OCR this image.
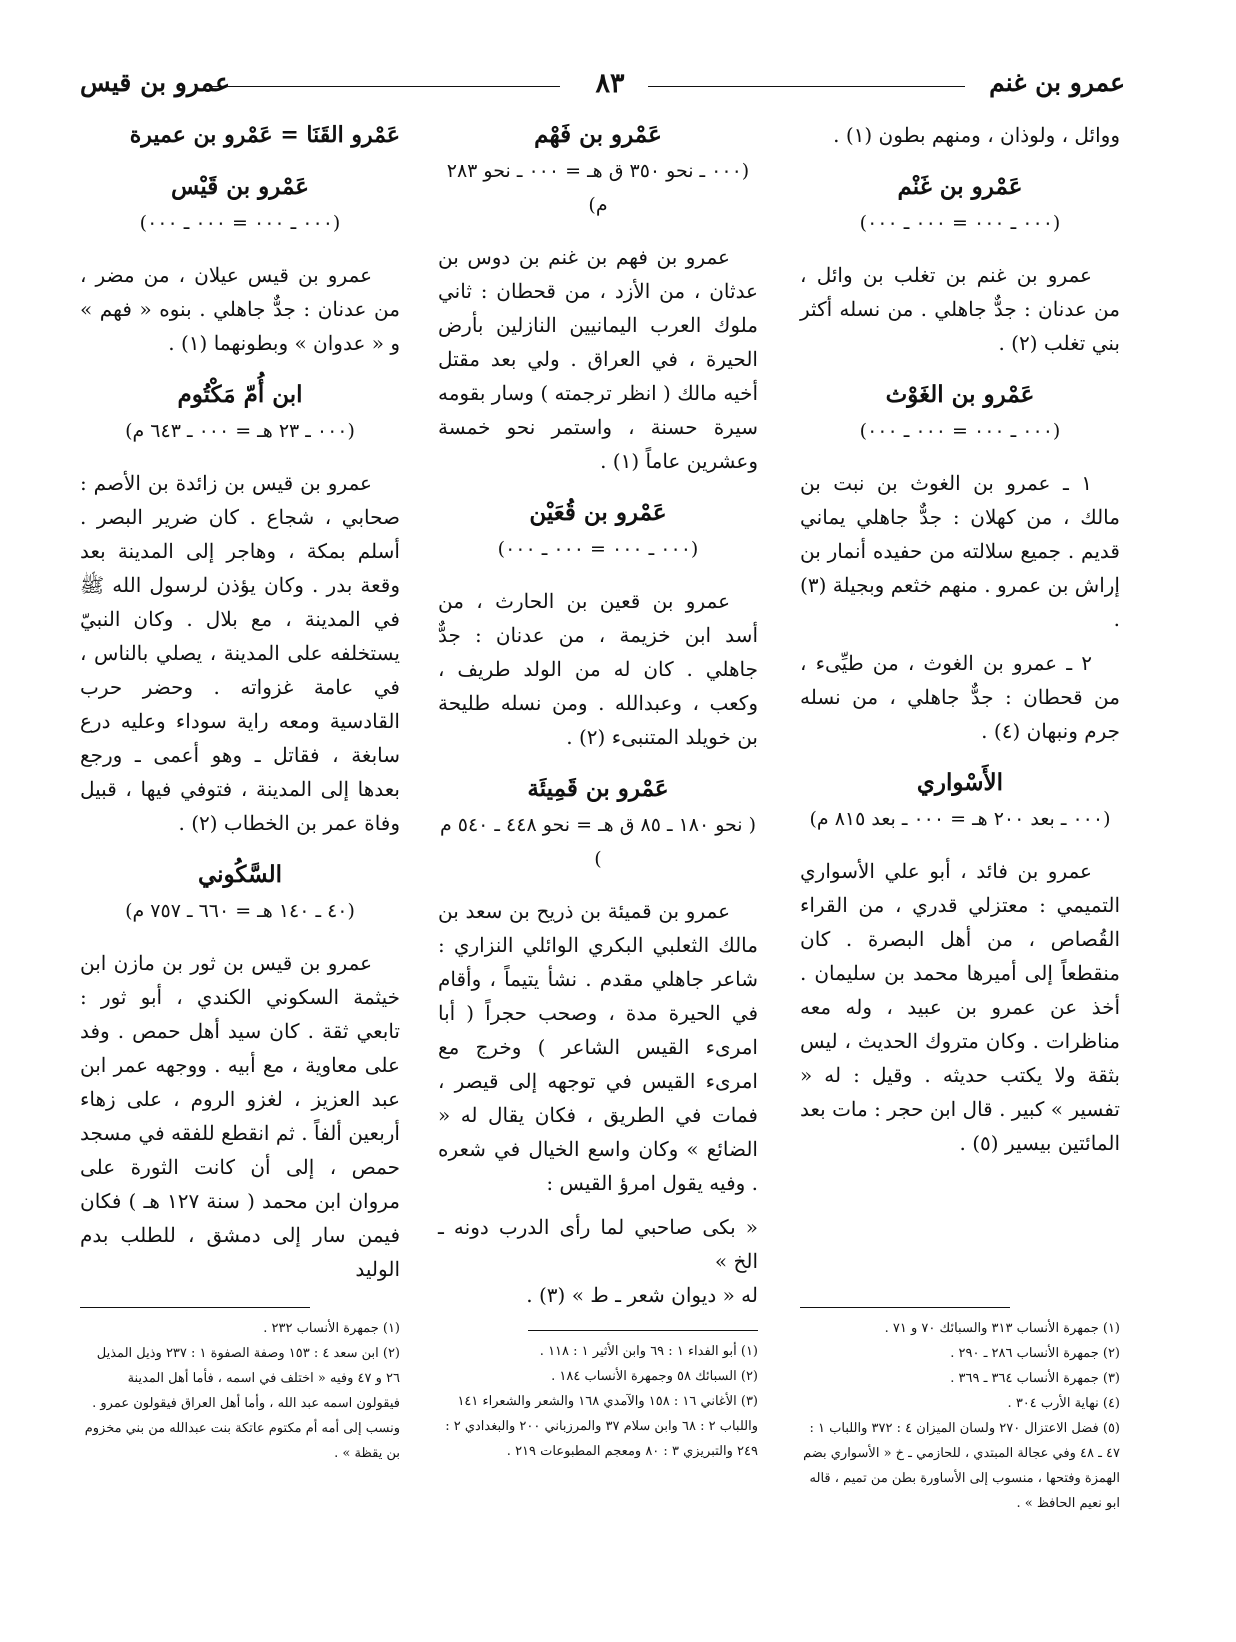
عمرو بن غنم
٨٣
عمرو بن قيس

ووائل ، ولوذان ، ومنهم بطون (١) .

عَمْرو بن غَنْم
(٠٠٠ ـ ٠٠٠ = ٠٠٠ ـ ٠٠٠)

عمرو بن غنم بن تغلب بن وائل ، من عدنان : جدٌّ جاهلي . من نسله أكثر بني تغلب (٢) .

عَمْرو بن الغَوْث
(٠٠٠ ـ ٠٠٠ = ٠٠٠ ـ ٠٠٠)

١ ـ عمرو بن الغوث بن نبت بن مالك ، من كهلان : جدٌّ جاهلي يماني قديم . جميع سلالته من حفيده أنمار بن إراش بن عمرو . منهم خثعم وبجيلة (٣) .

٢ ـ عمرو بن الغوث ، من طيِّىء ، من قحطان : جدٌّ جاهلي ، من نسله جرم ونبهان (٤) .

الأَسْواري
(٠٠٠ ـ بعد ٢٠٠ هـ = ٠٠٠ ـ بعد ٨١٥ م)

عمرو بن فائد ، أبو علي الأسواري التميمي : معتزلي قدري ، من القراء القُصاص ، من أهل البصرة . كان منقطعاً إلى أميرها محمد بن سليمان . أخذ عن عمرو بن عبيد ، وله معه مناظرات . وكان متروك الحديث ، ليس بثقة ولا يكتب حديثه . وقيل : له « تفسير » كبير . قال ابن حجر : مات بعد المائتين بيسير (٥) .

عَمْرو بن فَهْم
(٠٠٠ ـ نحو ٣٥٠ ق هـ = ٠٠٠ ـ نحو ٢٨٣ م)

عمرو بن فهم بن غنم بن دوس بن عدثان ، من الأزد ، من قحطان : ثاني ملوك العرب اليمانيين النازلين بأرض الحيرة ، في العراق . ولي بعد مقتل أخيه مالك ( انظر ترجمته ) وسار بقومه سيرة حسنة ، واستمر نحو خمسة وعشرين عاماً (١) .

عَمْرو بن قُعَيْن
(٠٠٠ ـ ٠٠٠ = ٠٠٠ ـ ٠٠٠)

عمرو بن قعين بن الحارث ، من أسد ابن خزيمة ، من عدنان : جدٌّ جاهلي . كان له من الولد طريف ، وكعب ، وعبدالله . ومن نسله طليحة بن خويلد المتنبىء (٢) .

عَمْرو بن قَمِيئَة
( نحو ١٨٠ ـ ٨٥ ق هـ = نحو ٤٤٨ ـ ٥٤٠ م )

عمرو بن قميئة بن ذريح بن سعد بن مالك الثعلبي البكري الوائلي النزاري : شاعر جاهلي مقدم . نشأ يتيماً ، وأقام في الحيرة مدة ، وصحب حجراً ( أبا امرىء القيس الشاعر ) وخرج مع امرىء القيس في توجهه إلى قيصر ، فمات في الطريق ، فكان يقال له « الضائع » وكان واسع الخيال في شعره . وفيه يقول امرؤ القيس :

« بكى صاحبي لما رأى الدرب دونه ـ الخ »

له « ديوان شعر ـ ط » (٣) .

عَمْرو القَنَا = عَمْرو بن عميرة
عَمْرو بن قَيْس
(٠٠٠ ـ ٠٠٠ = ٠٠٠ ـ ٠٠٠)

عمرو بن قيس عيلان ، من مضر ، من عدنان : جدٌّ جاهلي . بنوه « فهم » و « عدوان » وبطونهما (١) .

ابن أُمّ مَكْتُوم
(٠٠٠ ـ ٢٣ هـ = ٠٠٠ ـ ٦٤٣ م)

عمرو بن قيس بن زائدة بن الأصم : صحابي ، شجاع . كان ضرير البصر . أسلم بمكة ، وهاجر إلى المدينة بعد وقعة بدر . وكان يؤذن لرسول الله ﷺ في المدينة ، مع بلال . وكان النبيّ يستخلفه على المدينة ، يصلي بالناس ، في عامة غزواته . وحضر حرب القادسية ومعه راية سوداء وعليه درع سابغة ، فقاتل ـ وهو أعمى ـ ورجع بعدها إلى المدينة ، فتوفي فيها ، قبيل وفاة عمر بن الخطاب (٢) .

السَّكُوني
(٤٠ ـ ١٤٠ هـ = ٦٦٠ ـ ٧٥٧ م)

عمرو بن قيس بن ثور بن مازن ابن خيثمة السكوني الكندي ، أبو ثور : تابعي ثقة . كان سيد أهل حمص . وفد على معاوية ، مع أبيه . ووجهه عمر ابن عبد العزيز ، لغزو الروم ، على زهاء أربعين ألفاً . ثم انقطع للفقه في مسجد حمص ، إلى أن كانت الثورة على مروان ابن محمد ( سنة ١٢٧ هـ ) فكان فيمن سار إلى دمشق ، للطلب بدم الوليد

(١) جمهرة الأنساب ٣١٣ والسبائك ٧٠ و ٧١ .

(٢) جمهرة الأنساب ٢٨٦ ـ ٢٩٠ .

(٣) جمهرة الأنساب ٣٦٤ ـ ٣٦٩ .

(٤) نهاية الأرب ٣٠٤ .

(٥) فضل الاعتزال ٢٧٠ ولسان الميزان ٤ : ٣٧٢ واللباب ١ : ٤٧ ـ ٤٨ وفي عجالة المبتدي ، للحازمي ـ خ « الأسواري بضم الهمزة وفتحها ، منسوب إلى الأساورة بطن من تميم ، قاله ابو نعيم الحافظ » .

(١) أبو الفداء ١ : ٦٩ وابن الأثير ١ : ١١٨ .

(٢) السبائك ٥٨ وجمهرة الأنساب ١٨٤ .

(٣) الأغاني ١٦ : ١٥٨ والآمدي ١٦٨ والشعر والشعراء ١٤١ واللباب ٢ : ٦٨ وابن سلام ٣٧ والمرزباني ٢٠٠ والبغدادي ٢ : ٢٤٩ والتبريزي ٣ : ٨٠ ومعجم المطبوعات ٢١٩ .

(١) جمهرة الأنساب ٢٣٢ .

(٢) ابن سعد ٤ : ١٥٣ وصفة الصفوة ١ : ٢٣٧ وذيل المذيل ٢٦ و ٤٧ وفيه « اختلف في اسمه ، فأما أهل المدينة فيقولون اسمه عبد الله ، وأما أهل العراق فيقولون عمرو . ونسب إلى أمه أم مكتوم عاتكة بنت عبدالله من بني مخزوم بن يقظة » .
